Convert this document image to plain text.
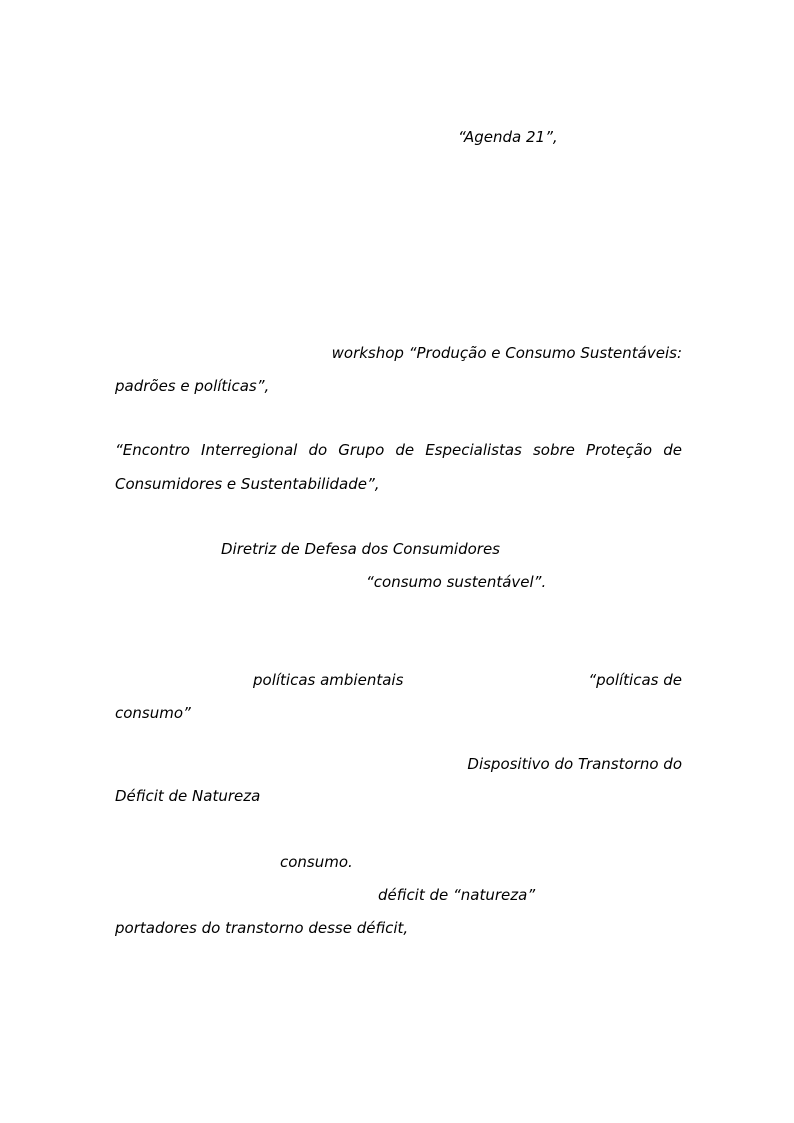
“Agenda 21”,
workshop “Produção e Consumo Sustentáveis:
padrões e políticas”,
“Encontro Interregional do Grupo de Especialistas sobre Proteção de
Consumidores e Sustentabilidade”,
Diretriz de Defesa dos Consumidores
“consumo sustentável”.
políticas ambientais	“políticas de
consumo”
Dispositivo do Transtorno do
Déficit de Natureza
consumo.
déficit de “natureza”
portadores do transtorno desse déficit,
